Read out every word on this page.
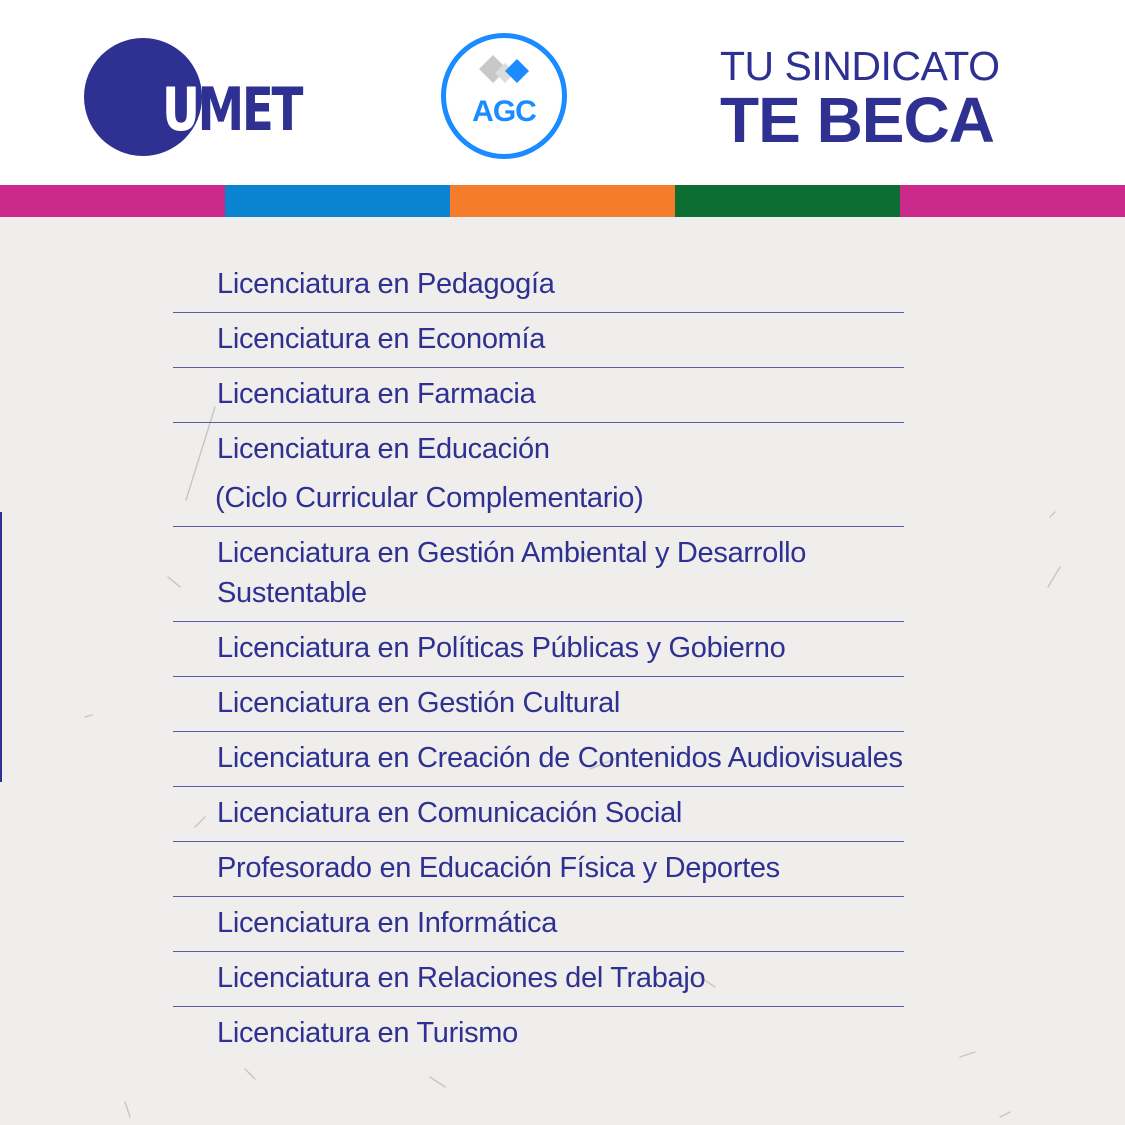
UMET	AGC
TU SINDICATO
TE BECA
Licenciatura en Pedagogía
Licenciatura en Economía
Licenciatura en Farmacia
Licenciatura en Educación
(Ciclo Curricular Complementario)
Licenciatura en Gestión Ambiental y Desarrollo Sustentable
Licenciatura en Políticas Públicas y Gobierno
Licenciatura en Gestión Cultural
Licenciatura en Creación de Contenidos Audiovisuales
Licenciatura en Comunicación Social
Profesorado en Educación Física y Deportes
Licenciatura en Informática
Licenciatura en Relaciones del Trabajo
Licenciatura en Turismo
